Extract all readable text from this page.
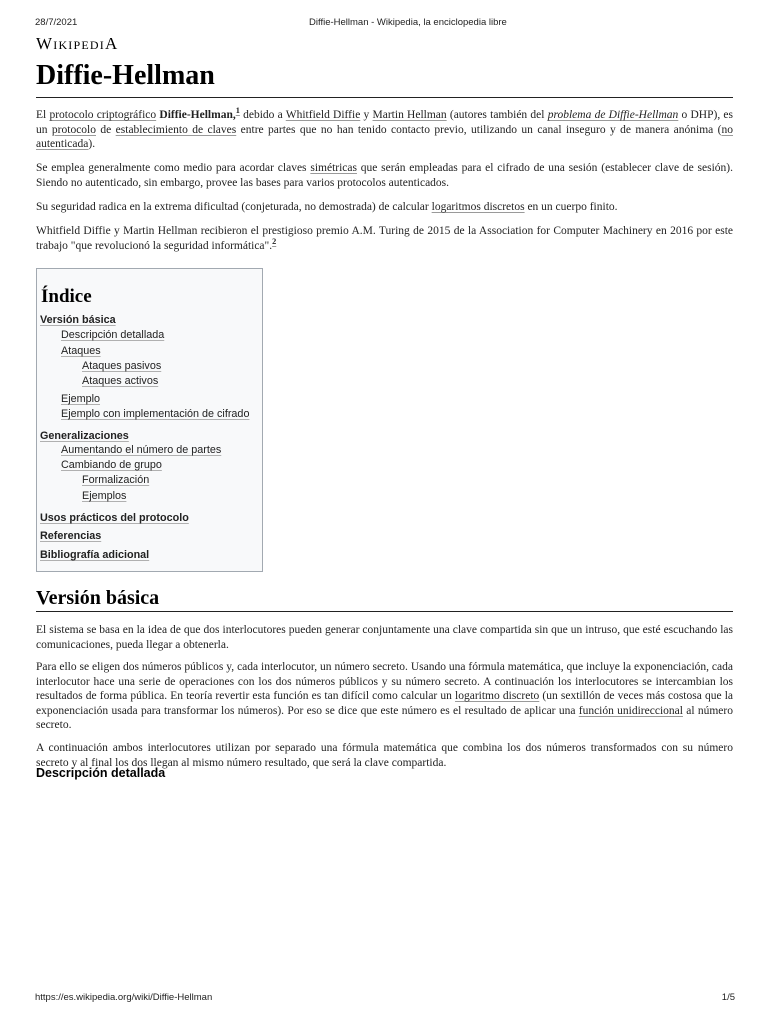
28/7/2021	Diffie-Hellman - Wikipedia, la enciclopedia libre
WikipediA
Diffie-Hellman

El protocolo criptográfico Diffie-Hellman,$^1$ debido a Whitfield Diffie y Martin Hellman (autores también del problema de Diffie-Hellman o DHP), es un protocolo de establecimiento de claves entre partes que no han tenido contacto previo, utilizando un canal inseguro y de manera anónima (no autenticada).

Se emplea generalmente como medio para acordar claves simétricas que serán empleadas para el cifrado de una sesión (establecer clave de sesión). Siendo no autenticado, sin embargo, provee las bases para varios protocolos autenticados.

Su seguridad radica en la extrema dificultad (conjeturada, no demostrada) de calcular logaritmos discretos en un cuerpo finito.

Whitfield Diffie y Martin Hellman recibieron el prestigioso premio A.M. Turing de 2015 de la Association for Computer Machinery en 2016 por este trabajo "que revolucionó la seguridad informática".$^2$

Índice
Versión básica
Descripción detallada
Ataques
Ataques pasivos
Ataques activos
Ejemplo
Ejemplo con implementación de cifrado
Generalizaciones
Aumentando el número de partes
Cambiando de grupo
Formalización
Ejemplos
Usos prácticos del protocolo
Referencias
Bibliografía adicional
Versión básica

El sistema se basa en la idea de que dos interlocutores pueden generar conjuntamente una clave compartida sin que un intruso, que esté escuchando las comunicaciones, pueda llegar a obtenerla.

Para ello se eligen dos números públicos y, cada interlocutor, un número secreto. Usando una fórmula matemática, que incluye la exponenciación, cada interlocutor hace una serie de operaciones con los dos números públicos y su número secreto. A continuación los interlocutores se intercambian los resultados de forma pública. En teoría revertir esta función es tan difícil como calcular un logaritmo discreto (un sextillón de veces más costosa que la exponenciación usada para transformar los números). Por eso se dice que este número es el resultado de aplicar una función unidireccional al número secreto.

A continuación ambos interlocutores utilizan por separado una fórmula matemática que combina los dos números transformados con su número secreto y al final los dos llegan al mismo número resultado, que será la clave compartida.

Descripción detallada
https://es.wikipedia.org/wiki/Diffie-Hellman	1/5
